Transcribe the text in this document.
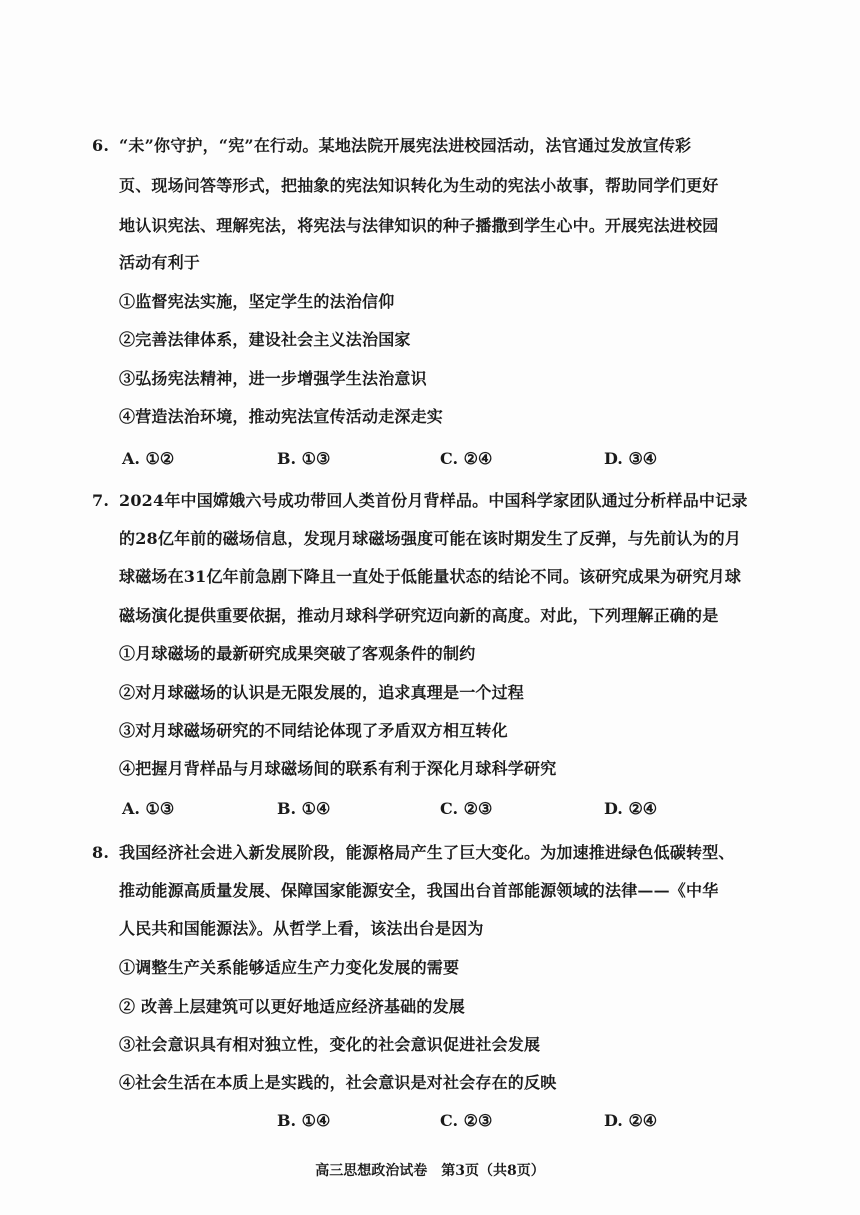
6. “未”你守护，“宪”在行动。某地法院开展宪法进校园活动，法官通过发放宣传彩
页、现场问答等形式，把抽象的宪法知识转化为生动的宪法小故事，帮助同学们更好
地认识宪法、理解宪法，将宪法与法律知识的种子播撒到学生心中。开展宪法进校园
活动有利于
①监督宪法实施，坚定学生的法治信仰
②完善法律体系，建设社会主义法治国家
③弘扬宪法精神，进一步增强学生法治意识
④营造法治环境，推动宪法宣传活动走深走实
A. ①②	B. ①③	C. ②④	D. ③④
7. 2024年中国嫦娥六号成功带回人类首份月背样品。中国科学家团队通过分析样品中记录
的28亿年前的磁场信息，发现月球磁场强度可能在该时期发生了反弹，与先前认为的月
球磁场在31亿年前急剧下降且一直处于低能量状态的结论不同。该研究成果为研究月球
磁场演化提供重要依据，推动月球科学研究迈向新的高度。对此，下列理解正确的是
①月球磁场的最新研究成果突破了客观条件的制约
②对月球磁场的认识是无限发展的，追求真理是一个过程
③对月球磁场研究的不同结论体现了矛盾双方相互转化
④把握月背样品与月球磁场间的联系有利于深化月球科学研究
A. ①③	B. ①④	C. ②③	D. ②④
8. 我国经济社会进入新发展阶段，能源格局产生了巨大变化。为加速推进绿色低碳转型、
推动能源高质量发展、保障国家能源安全，我国出台首部能源领域的法律——《中华
人民共和国能源法》。从哲学上看，该法出台是因为
①调整生产关系能够适应生产力变化发展的需要
② 改善上层建筑可以更好地适应经济基础的发展
③社会意识具有相对独立性，变化的社会意识促进社会发展
④社会生活在本质上是实践的，社会意识是对社会存在的反映
B. ①④	C. ②③	D. ②④
高三思想政治试卷　第3页（共8页）
